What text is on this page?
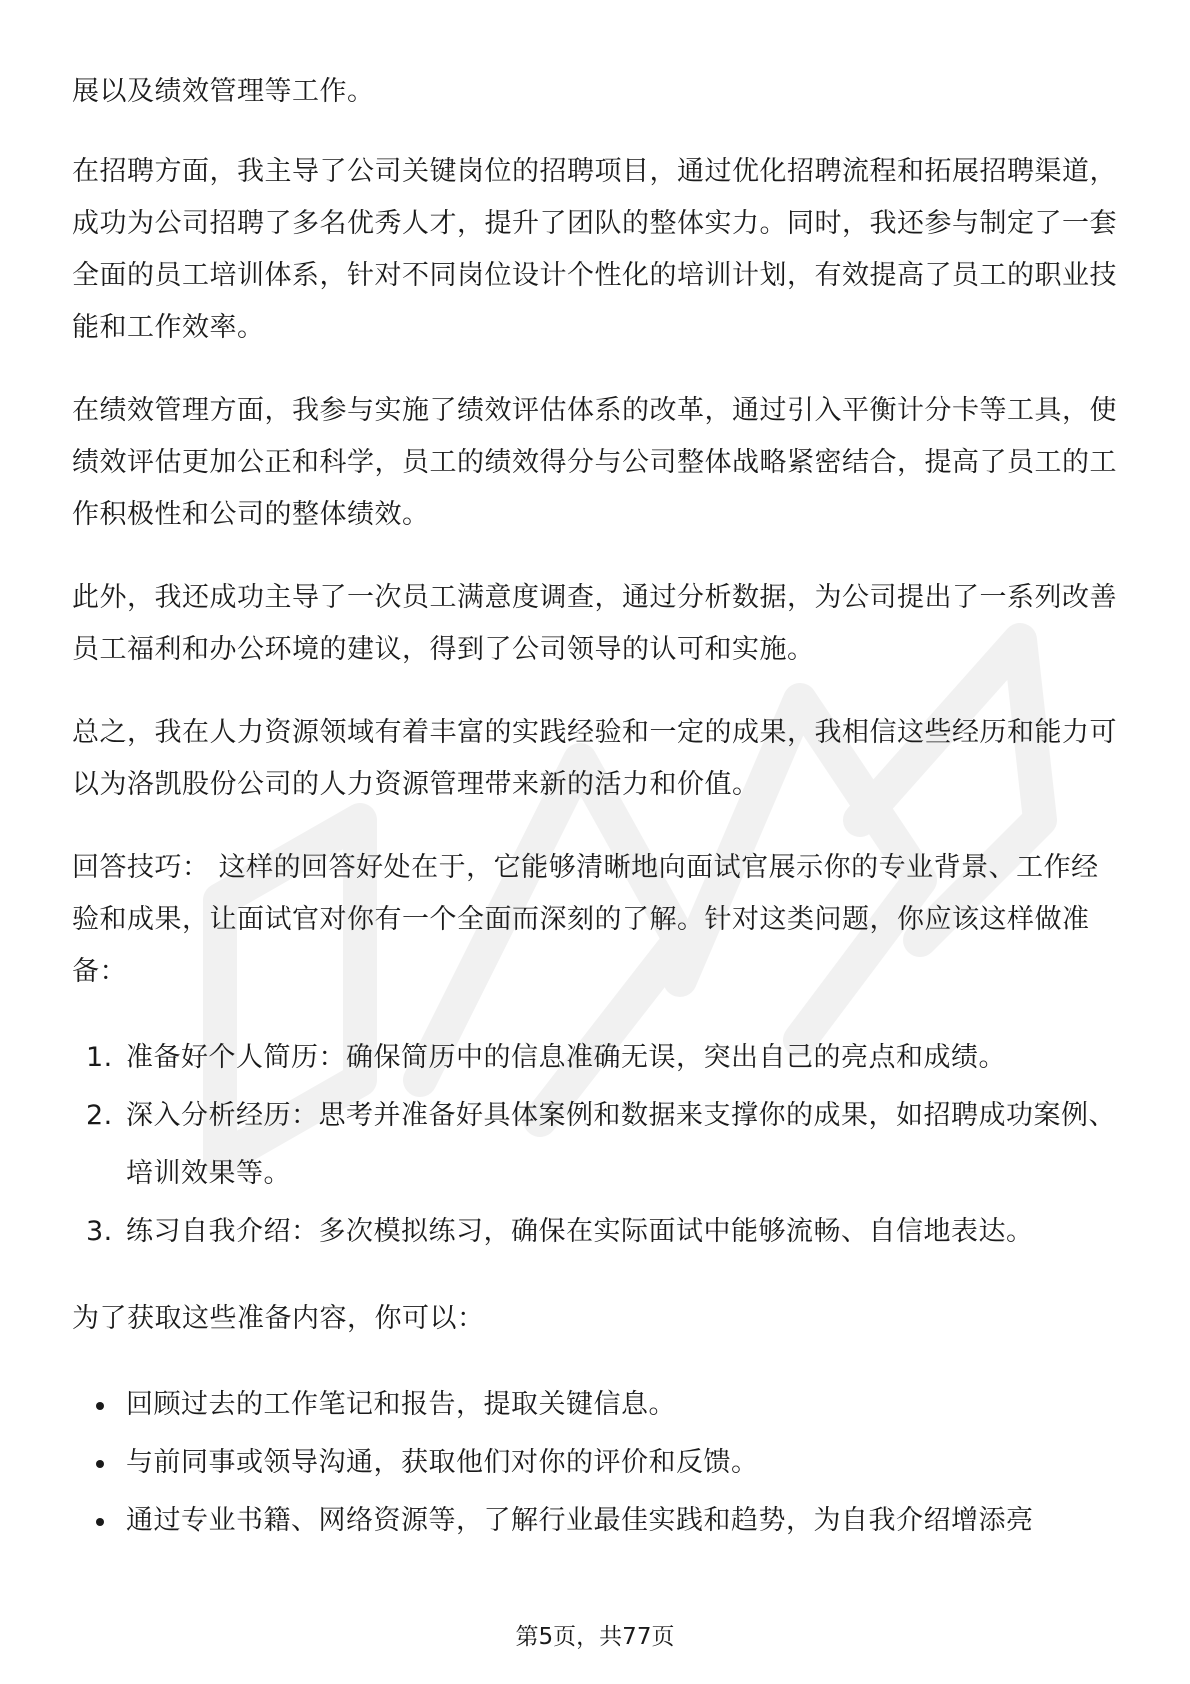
展以及绩效管理等工作。

在招聘方面，我主导了公司关键岗位的招聘项目，通过优化招聘流程和拓展招聘渠道，成功为公司招聘了多名优秀人才，提升了团队的整体实力。同时，我还参与制定了一套全面的员工培训体系，针对不同岗位设计个性化的培训计划，有效提高了员工的职业技能和工作效率。

在绩效管理方面，我参与实施了绩效评估体系的改革，通过引入平衡计分卡等工具，使绩效评估更加公正和科学，员工的绩效得分与公司整体战略紧密结合，提高了员工的工作积极性和公司的整体绩效。

此外，我还成功主导了一次员工满意度调查，通过分析数据，为公司提出了一系列改善员工福利和办公环境的建议，得到了公司领导的认可和实施。

总之，我在人力资源领域有着丰富的实践经验和一定的成果，我相信这些经历和能力可以为洛凯股份公司的人力资源管理带来新的活力和价值。

回答技巧： 这样的回答好处在于，它能够清晰地向面试官展示你的专业背景、工作经验和成果，让面试官对你有一个全面而深刻的了解。针对这类问题，你应该这样做准备：

1. 准备好个人简历：确保简历中的信息准确无误，突出自己的亮点和成绩。
2. 深入分析经历：思考并准备好具体案例和数据来支撑你的成果，如招聘成功案例、培训效果等。
3. 练习自我介绍：多次模拟练习，确保在实际面试中能够流畅、自信地表达。

为了获取这些准备内容，你可以：

回顾过去的工作笔记和报告，提取关键信息。
与前同事或领导沟通，获取他们对你的评价和反馈。
通过专业书籍、网络资源等，了解行业最佳实践和趋势，为自我介绍增添亮
第5页，共77页
